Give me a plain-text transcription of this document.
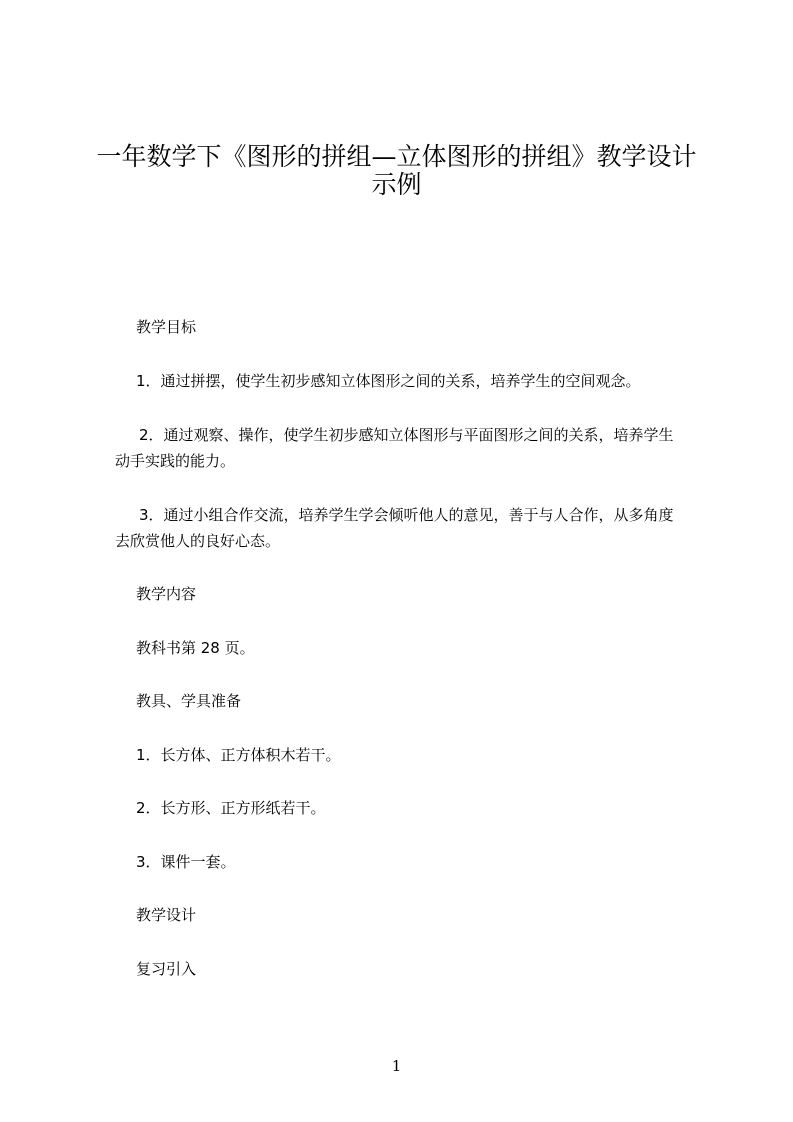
一年数学下《图形的拼组—立体图形的拼组》教学设计
示例
教学目标
1．通过拼摆，使学生初步感知立体图形之间的关系，培养学生的空间观念。
2．通过观察、操作，使学生初步感知立体图形与平面图形之间的关系，培养学生
动手实践的能力。
3．通过小组合作交流，培养学生学会倾听他人的意见，善于与人合作，从多角度
去欣赏他人的良好心态。
教学内容
教科书第 28 页。
教具、学具准备
1．长方体、正方体积木若干。
2．长方形、正方形纸若干。
3．课件一套。
教学设计
复习引入
1
